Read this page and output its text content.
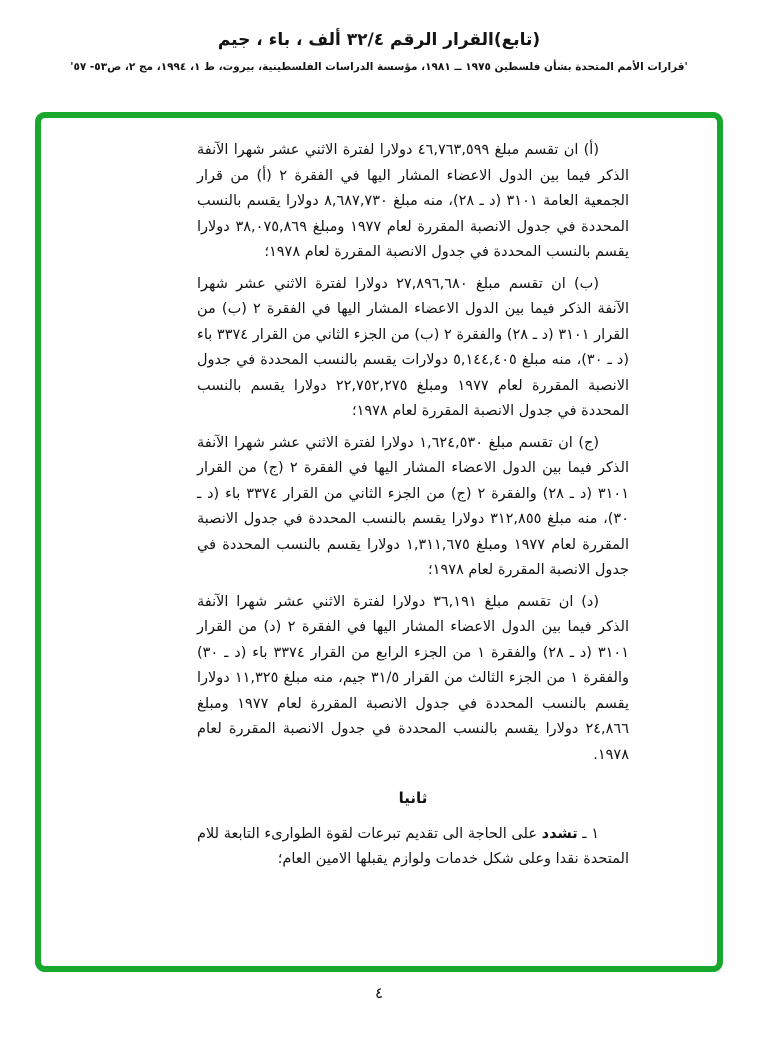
(تابع)القرار الرقم ٣٢/٤ ألف ، باء ، جيم
'قرارات الأمم المتحدة بشأن فلسطين ١٩٧٥ ــ ١٩٨١، مؤسسة الدراسات الفلسطينية، بيروت، ط ١، ١٩٩٤، مج ٢، ص٥٣- ٥٧'

(أ) ان تقسم مبلغ ٤٦,٧٦٣,٥٩٩ دولارا لفترة الاثني عشر شهرا الآنفة الذكر فيما بين الدول الاعضاء المشار اليها في الفقرة ٢ (أ) من قرار الجمعية العامة ٣١٠١ (د ـ ٢٨)، منه مبلغ ٨,٦٨٧,٧٣٠ دولارا يقسم بالنسب المحددة في جدول الانصبة المقررة لعام ١٩٧٧ ومبلغ ٣٨,٠٧٥,٨٦٩ دولارا يقسم بالنسب المحددة في جدول الانصبة المقررة لعام ١٩٧٨؛

(ب) ان تقسم مبلغ ٢٧,٨٩٦,٦٨٠ دولارا لفترة الاثني عشر شهرا الآنفة الذكر فيما بين الدول الاعضاء المشار اليها في الفقرة ٢ (ب) من القرار ٣١٠١ (د ـ ٢٨) والفقرة ٢ (ب) من الجزء الثاني من القرار ٣٣٧٤ باء (د ـ ٣٠)، منه مبلغ ٥,١٤٤,٤٠٥ دولارات يقسم بالنسب المحددة في جدول الانصبة المقررة لعام ١٩٧٧ ومبلغ ٢٢,٧٥٢,٢٧٥ دولارا يقسم بالنسب المحددة في جدول الانصبة المقررة لعام ١٩٧٨؛

(ج) ان تقسم مبلغ ١,٦٢٤,٥٣٠ دولارا لفترة الاثني عشر شهرا الآنفة الذكر فيما بين الدول الاعضاء المشار اليها في الفقرة ٢ (ج) من القرار ٣١٠١ (د ـ ٢٨) والفقرة ٢ (ج) من الجزء الثاني من القرار ٣٣٧٤ باء (د ـ ٣٠)، منه مبلغ ٣١٢,٨٥٥ دولارا يقسم بالنسب المحددة في جدول الانصبة المقررة لعام ١٩٧٧ ومبلغ ١,٣١١,٦٧٥ دولارا يقسم بالنسب المحددة في جدول الانصبة المقررة لعام ١٩٧٨؛

(د) ان تقسم مبلغ ٣٦,١٩١ دولارا لفترة الاثني عشر شهرا الآنفة الذكر فيما بين الدول الاعضاء المشار اليها في الفقرة ٢ (د) من القرار ٣١٠١ (د ـ ٢٨) والفقرة ١ من الجزء الرابع من القرار ٣٣٧٤ باء (د ـ ٣٠) والفقرة ١ من الجزء الثالث من القرار ٣١/٥ جيم، منه مبلغ ١١,٣٢٥ دولارا يقسم بالنسب المحددة في جدول الانصبة المقررة لعام ١٩٧٧ ومبلغ ٢٤,٨٦٦ دولارا يقسم بالنسب المحددة في جدول الانصبة المقررة لعام ١٩٧٨.

ثانيا

١ ـ تشدد على الحاجة الى تقديم تبرعات لقوة الطوارىء التابعة للام المتحدة نقدا وعلى شكل خدمات ولوازم يقبلها الامين العام؛

٤
